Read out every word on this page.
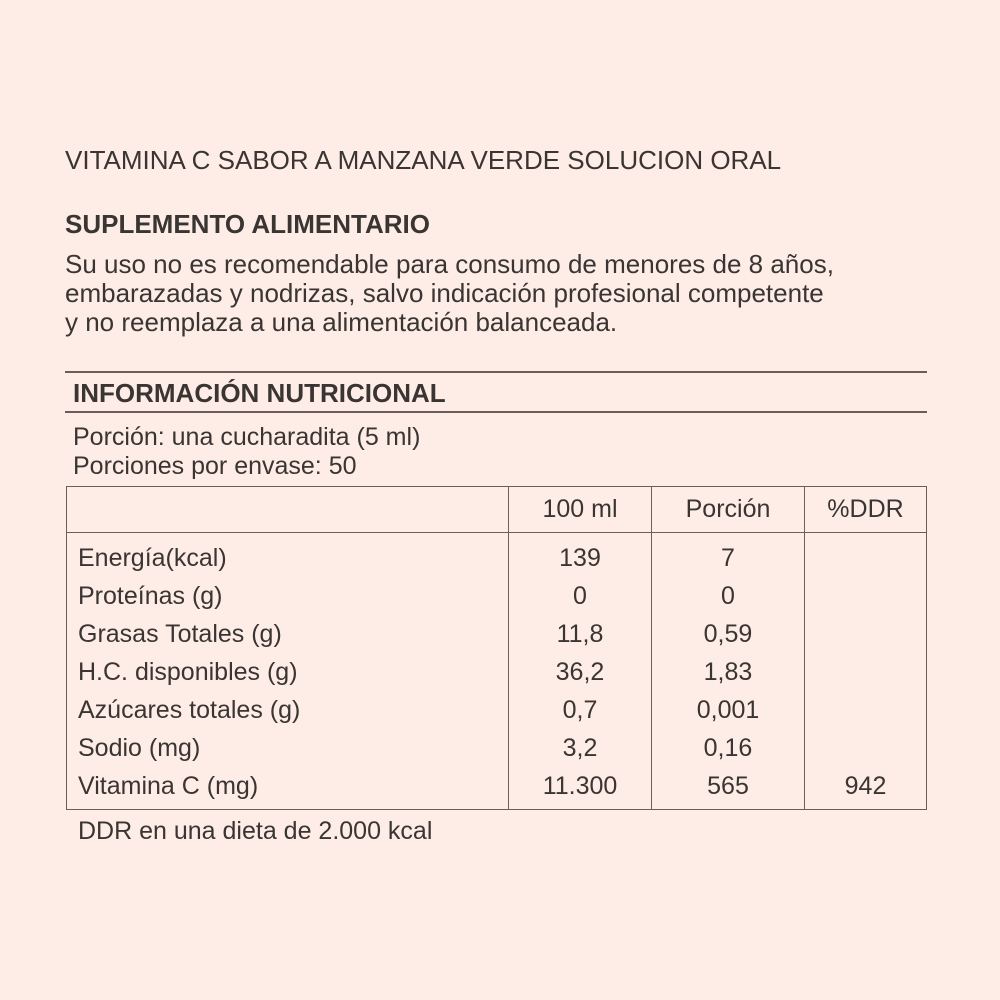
VITAMINA C SABOR A MANZANA VERDE SOLUCION ORAL
SUPLEMENTO ALIMENTARIO
Su uso no es recomendable para consumo de menores de 8 años,
embarazadas y nodrizas, salvo indicación profesional competente
y no reemplaza a una alimentación balanceada.
INFORMACIÓN NUTRICIONAL
Porción: una cucharadita (5 ml)
Porciones por envase: 50
	100 ml	Porción	%DDR
Energía(kcal)	139	7	
Proteínas (g)	0	0	
Grasas Totales (g)	11,8	0,59	
H.C. disponibles (g)	36,2	1,83	
Azúcares totales (g)	0,7	0,001	
Sodio (mg)	3,2	0,16	
Vitamina C (mg)	11.300	565	942
DDR en una dieta de 2.000 kcal
